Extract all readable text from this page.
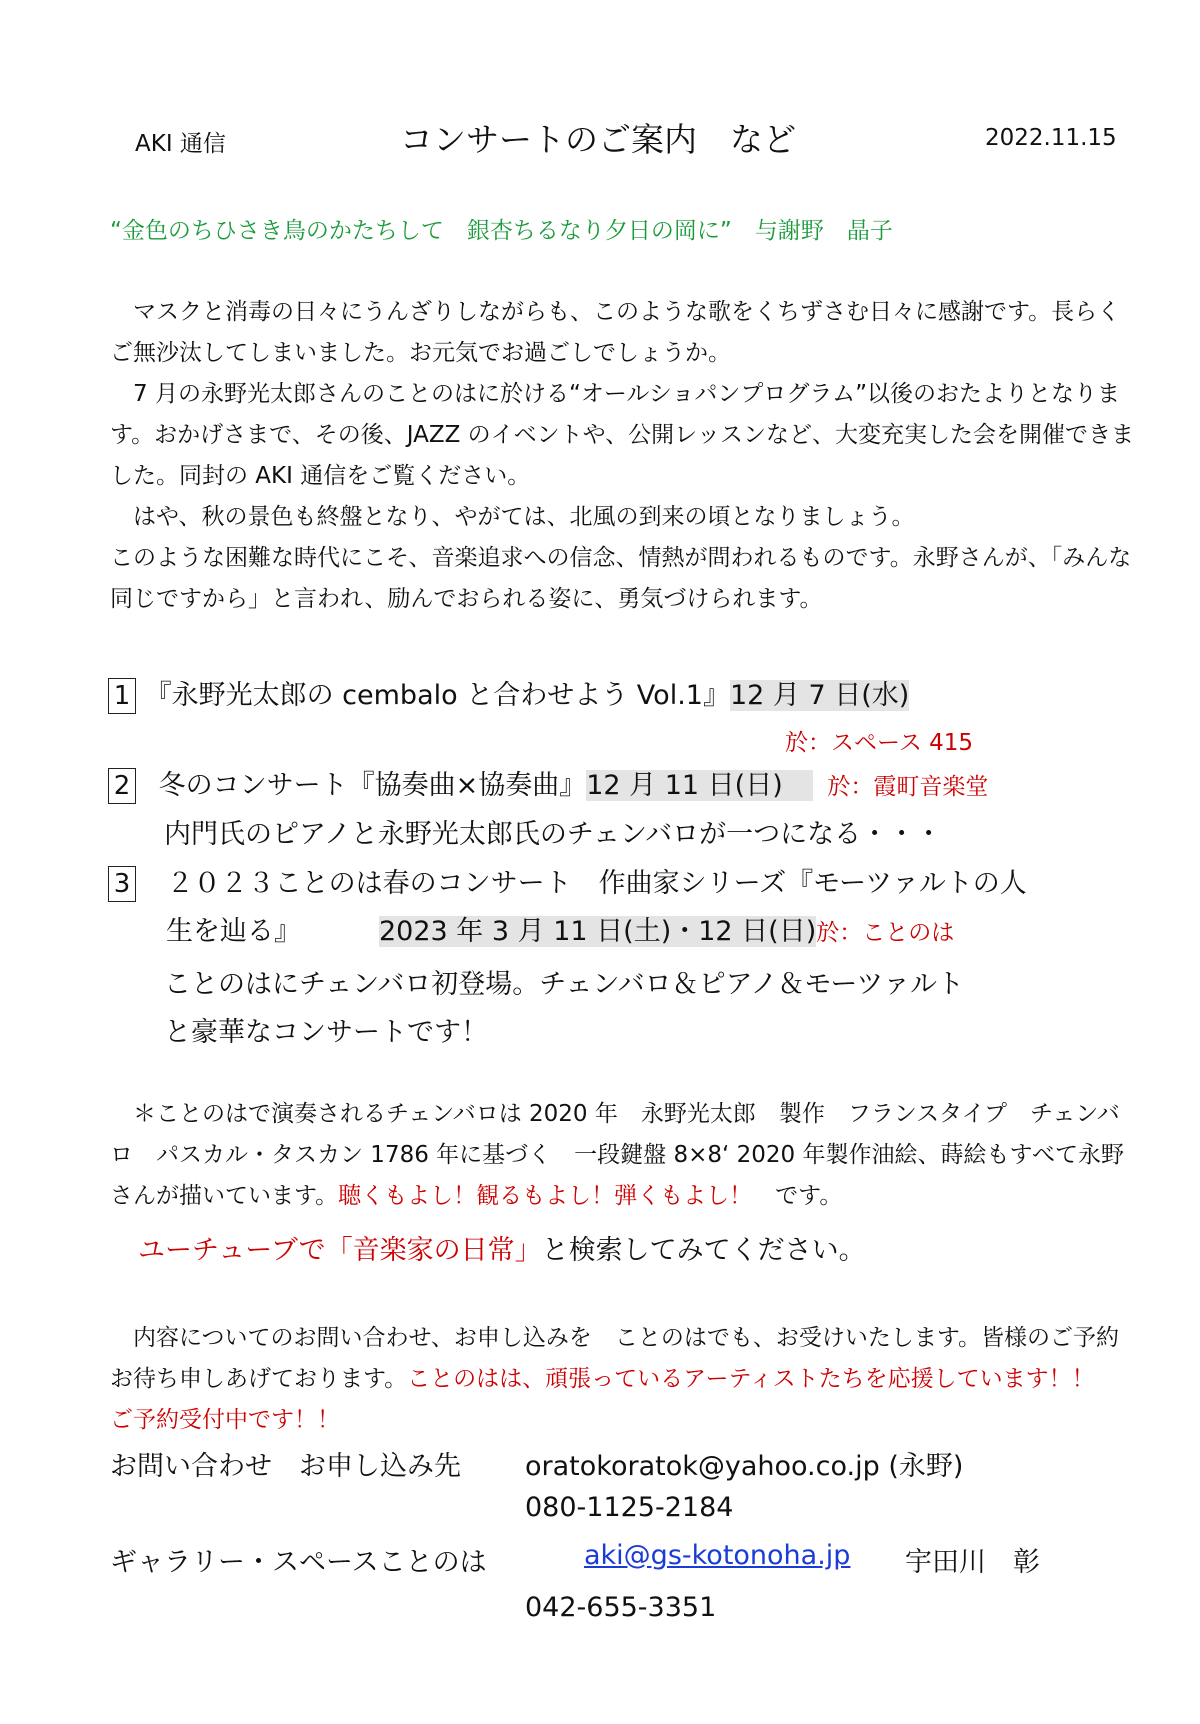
AKI 通信	コンサートのご案内　など	2022.11.15
“金色のちひさき鳥のかたちして　銀杏ちるなり夕日の岡に”　与謝野　晶子

　マスクと消毒の日々にうんざりしながらも、このような歌をくちずさむ日々に感謝です。長らくご無沙汰してしまいました。お元気でお過ごしでしょうか。

　7 月の永野光太郎さんのことのはに於ける“オールショパンプログラム”以後のおたよりとなります。おかげさまで、その後、JAZZ のイベントや、公開レッスンなど、大変充実した会を開催できました。同封の AKI 通信をご覧ください。

　はや、秋の景色も終盤となり、やがては、北風の到来の頃となりましょう。

このような困難な時代にこそ、音楽追求への信念、情熱が問われるものです。永野さんが、「みんな同じですから」と言われ、励んでおられる姿に、勇気づけられます。

1 『永野光太郎の cembalo と合わせよう Vol.1』12 月 7 日(水)
於：スペース 415
2 冬のコンサート『協奏曲×協奏曲』12 月 11 日(日) 於：霞町音楽堂
内門氏のピアノと永野光太郎氏のチェンバロが一つになる・・・
3 ２０２３ことのは春のコンサート　作曲家シリーズ『モーツァルトの人
生を辿る』	2023 年 3 月 11 日(土)・12 日(日)於：ことのは
ことのはにチェンバロ初登場。チェンバロ＆ピアノ＆モーツァルト
と豪華なコンサートです！

　＊ことのはで演奏されるチェンバロは 2020 年　永野光太郎　製作　フランスタイプ　チェンバロ　パスカル・タスカン 1786 年に基づく　一段鍵盤 8×8‘ 2020 年製作油絵、蒔絵もすべて永野さんが描いています。聴くもよし！観るもよし！弾くもよし！　です。

ユーチューブで「音楽家の日常」と検索してみてください。

　内容についてのお問い合わせ、お申し込みを　ことのはでも、お受けいたします。皆様のご予約お待ち申しあげております。ことのはは、頑張っているアーティストたちを応援しています！！　ご予約受付中です！！

お問い合わせ　お申し込み先 oratokoratok@yahoo.co.jp (永野)
080-1125-2184
ギャラリー・スペースことのは	aki@gs-kotonoha.jp 宇田川　彰
042-655-3351
